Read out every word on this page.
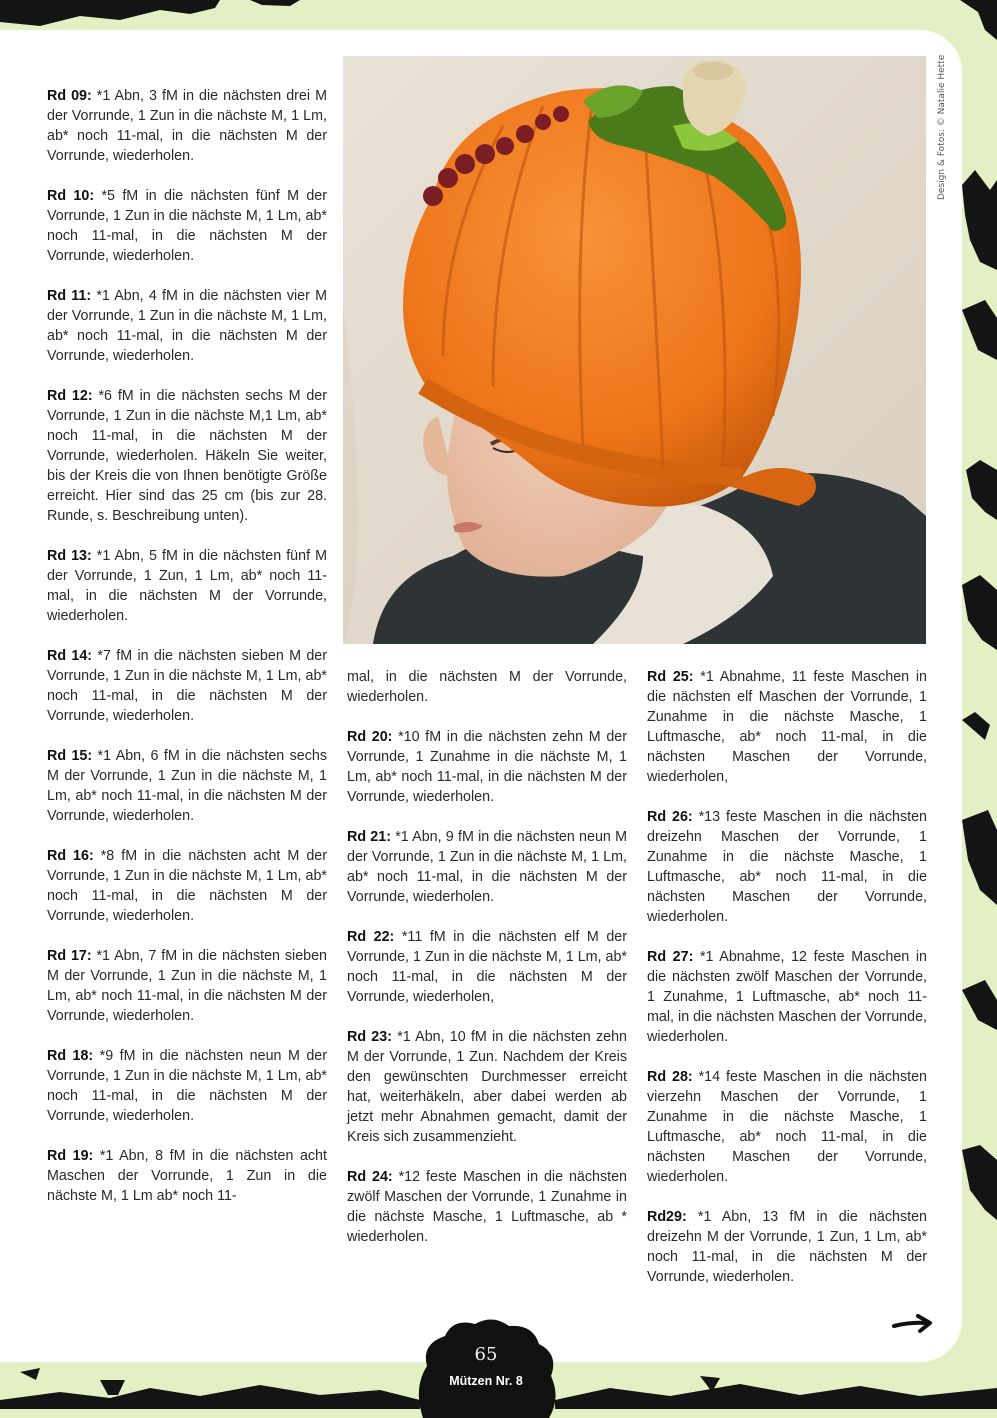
Design & Fotos: © Natalie Hette

Rd 09: *1 Abn, 3 fM in die nächsten drei M der Vorrunde, 1 Zun in die nächste M, 1 Lm, ab* noch 11-mal, in die nächsten M der Vorrunde, wiederholen.

Rd 10: *5 fM in die nächsten fünf M der Vorrunde, 1 Zun in die nächste M, 1 Lm, ab* noch 11-mal, in die nächsten M der Vorrunde, wiederholen.

Rd 11: *1 Abn, 4 fM in die nächsten vier M der Vorrunde, 1 Zun in die nächste M, 1 Lm, ab* noch 11-mal, in die nächsten M der Vorrunde, wiederholen.

Rd 12: *6 fM in die nächsten sechs M der Vorrunde, 1 Zun in die nächste M,1 Lm, ab* noch 11-mal, in die nächsten M der Vorrunde, wiederholen. Häkeln Sie weiter, bis der Kreis die von Ihnen benötigte Größe erreicht. Hier sind das 25 cm (bis zur 28. Runde, s. Beschreibung unten).

Rd 13: *1 Abn, 5 fM in die nächsten fünf M der Vorrunde, 1 Zun, 1 Lm, ab* noch 11-mal, in die nächsten M der Vorrunde, wiederholen.

Rd 14: *7 fM in die nächsten sieben M der Vorrunde, 1 Zun in die nächste M, 1 Lm, ab* noch 11-mal, in die nächsten M der Vorrunde, wiederholen.

Rd 15: *1 Abn, 6 fM in die nächsten sechs M der Vorrunde, 1 Zun in die nächste M, 1 Lm, ab* noch 11-mal, in die nächsten M der Vorrunde, wiederholen.

Rd 16: *8 fM in die nächsten acht M der Vorrunde, 1 Zun in die nächste M, 1 Lm, ab* noch 11-mal, in die nächsten M der Vorrunde, wiederholen.

Rd 17: *1 Abn, 7 fM in die nächsten sieben M der Vorrunde, 1 Zun in die nächste M, 1 Lm, ab* noch 11-mal, in die nächsten M der Vorrunde, wiederholen.

Rd 18: *9 fM in die nächsten neun M der Vorrunde, 1 Zun in die nächste M, 1 Lm, ab* noch 11-mal, in die nächsten M der Vorrunde, wiederholen.

Rd 19: *1 Abn, 8 fM in die nächsten acht Maschen der Vorrunde, 1 Zun in die nächste M, 1 Lm ab* noch 11-

mal, in die nächsten M der Vorrunde, wiederholen.

Rd 20: *10 fM in die nächsten zehn M der Vorrunde, 1 Zunahme in die nächste M, 1 Lm, ab* noch 11-mal, in die nächsten M der Vorrunde, wiederholen.

Rd 21: *1 Abn, 9 fM in die nächsten neun M der Vorrunde, 1 Zun in die nächste M, 1 Lm, ab* noch 11-mal, in die nächsten M der Vorrunde, wiederholen.

Rd 22: *11 fM in die nächsten elf M der Vorrunde, 1 Zun in die nächste M, 1 Lm, ab* noch 11-mal, in die nächsten M der Vorrunde, wiederholen,

Rd 23: *1 Abn, 10 fM in die nächsten zehn M der Vorrunde, 1 Zun. Nachdem der Kreis den gewünschten Durchmesser erreicht hat, weiterhäkeln, aber dabei werden ab jetzt mehr Abnahmen gemacht, damit der Kreis sich zusammenzieht.

Rd 24: *12 feste Maschen in die nächsten zwölf Maschen der Vorrunde, 1 Zunahme in die nächste Masche, 1 Luftmasche, ab * wiederholen.

Rd 25: *1 Abnahme, 11 feste Maschen in die nächsten elf Maschen der Vorrunde, 1 Zunahme in die nächste Masche, 1 Luftmasche, ab* noch 11-mal, in die nächsten Maschen der Vorrunde, wiederholen,

Rd 26: *13 feste Maschen in die nächsten dreizehn Maschen der Vorrunde, 1 Zunahme in die nächste Masche, 1 Luftmasche, ab* noch 11-mal, in die nächsten Maschen der Vorrunde, wiederholen.

Rd 27: *1 Abnahme, 12 feste Maschen in die nächsten zwölf Maschen der Vorrunde, 1 Zunahme, 1 Luftmasche, ab* noch 11-mal, in die nächsten Maschen der Vorrunde, wiederholen.

Rd 28: *14 feste Maschen in die nächsten vierzehn Maschen der Vorrunde, 1 Zunahme in die nächste Masche, 1 Luftmasche, ab* noch 11-mal, in die nächsten Maschen der Vorrunde, wiederholen.

Rd29: *1 Abn, 13 fM in die nächsten dreizehn M der Vorrunde, 1 Zun, 1 Lm, ab* noch 11-mal, in die nächsten M der Vorrunde, wiederholen.

65
Mützen Nr. 8
